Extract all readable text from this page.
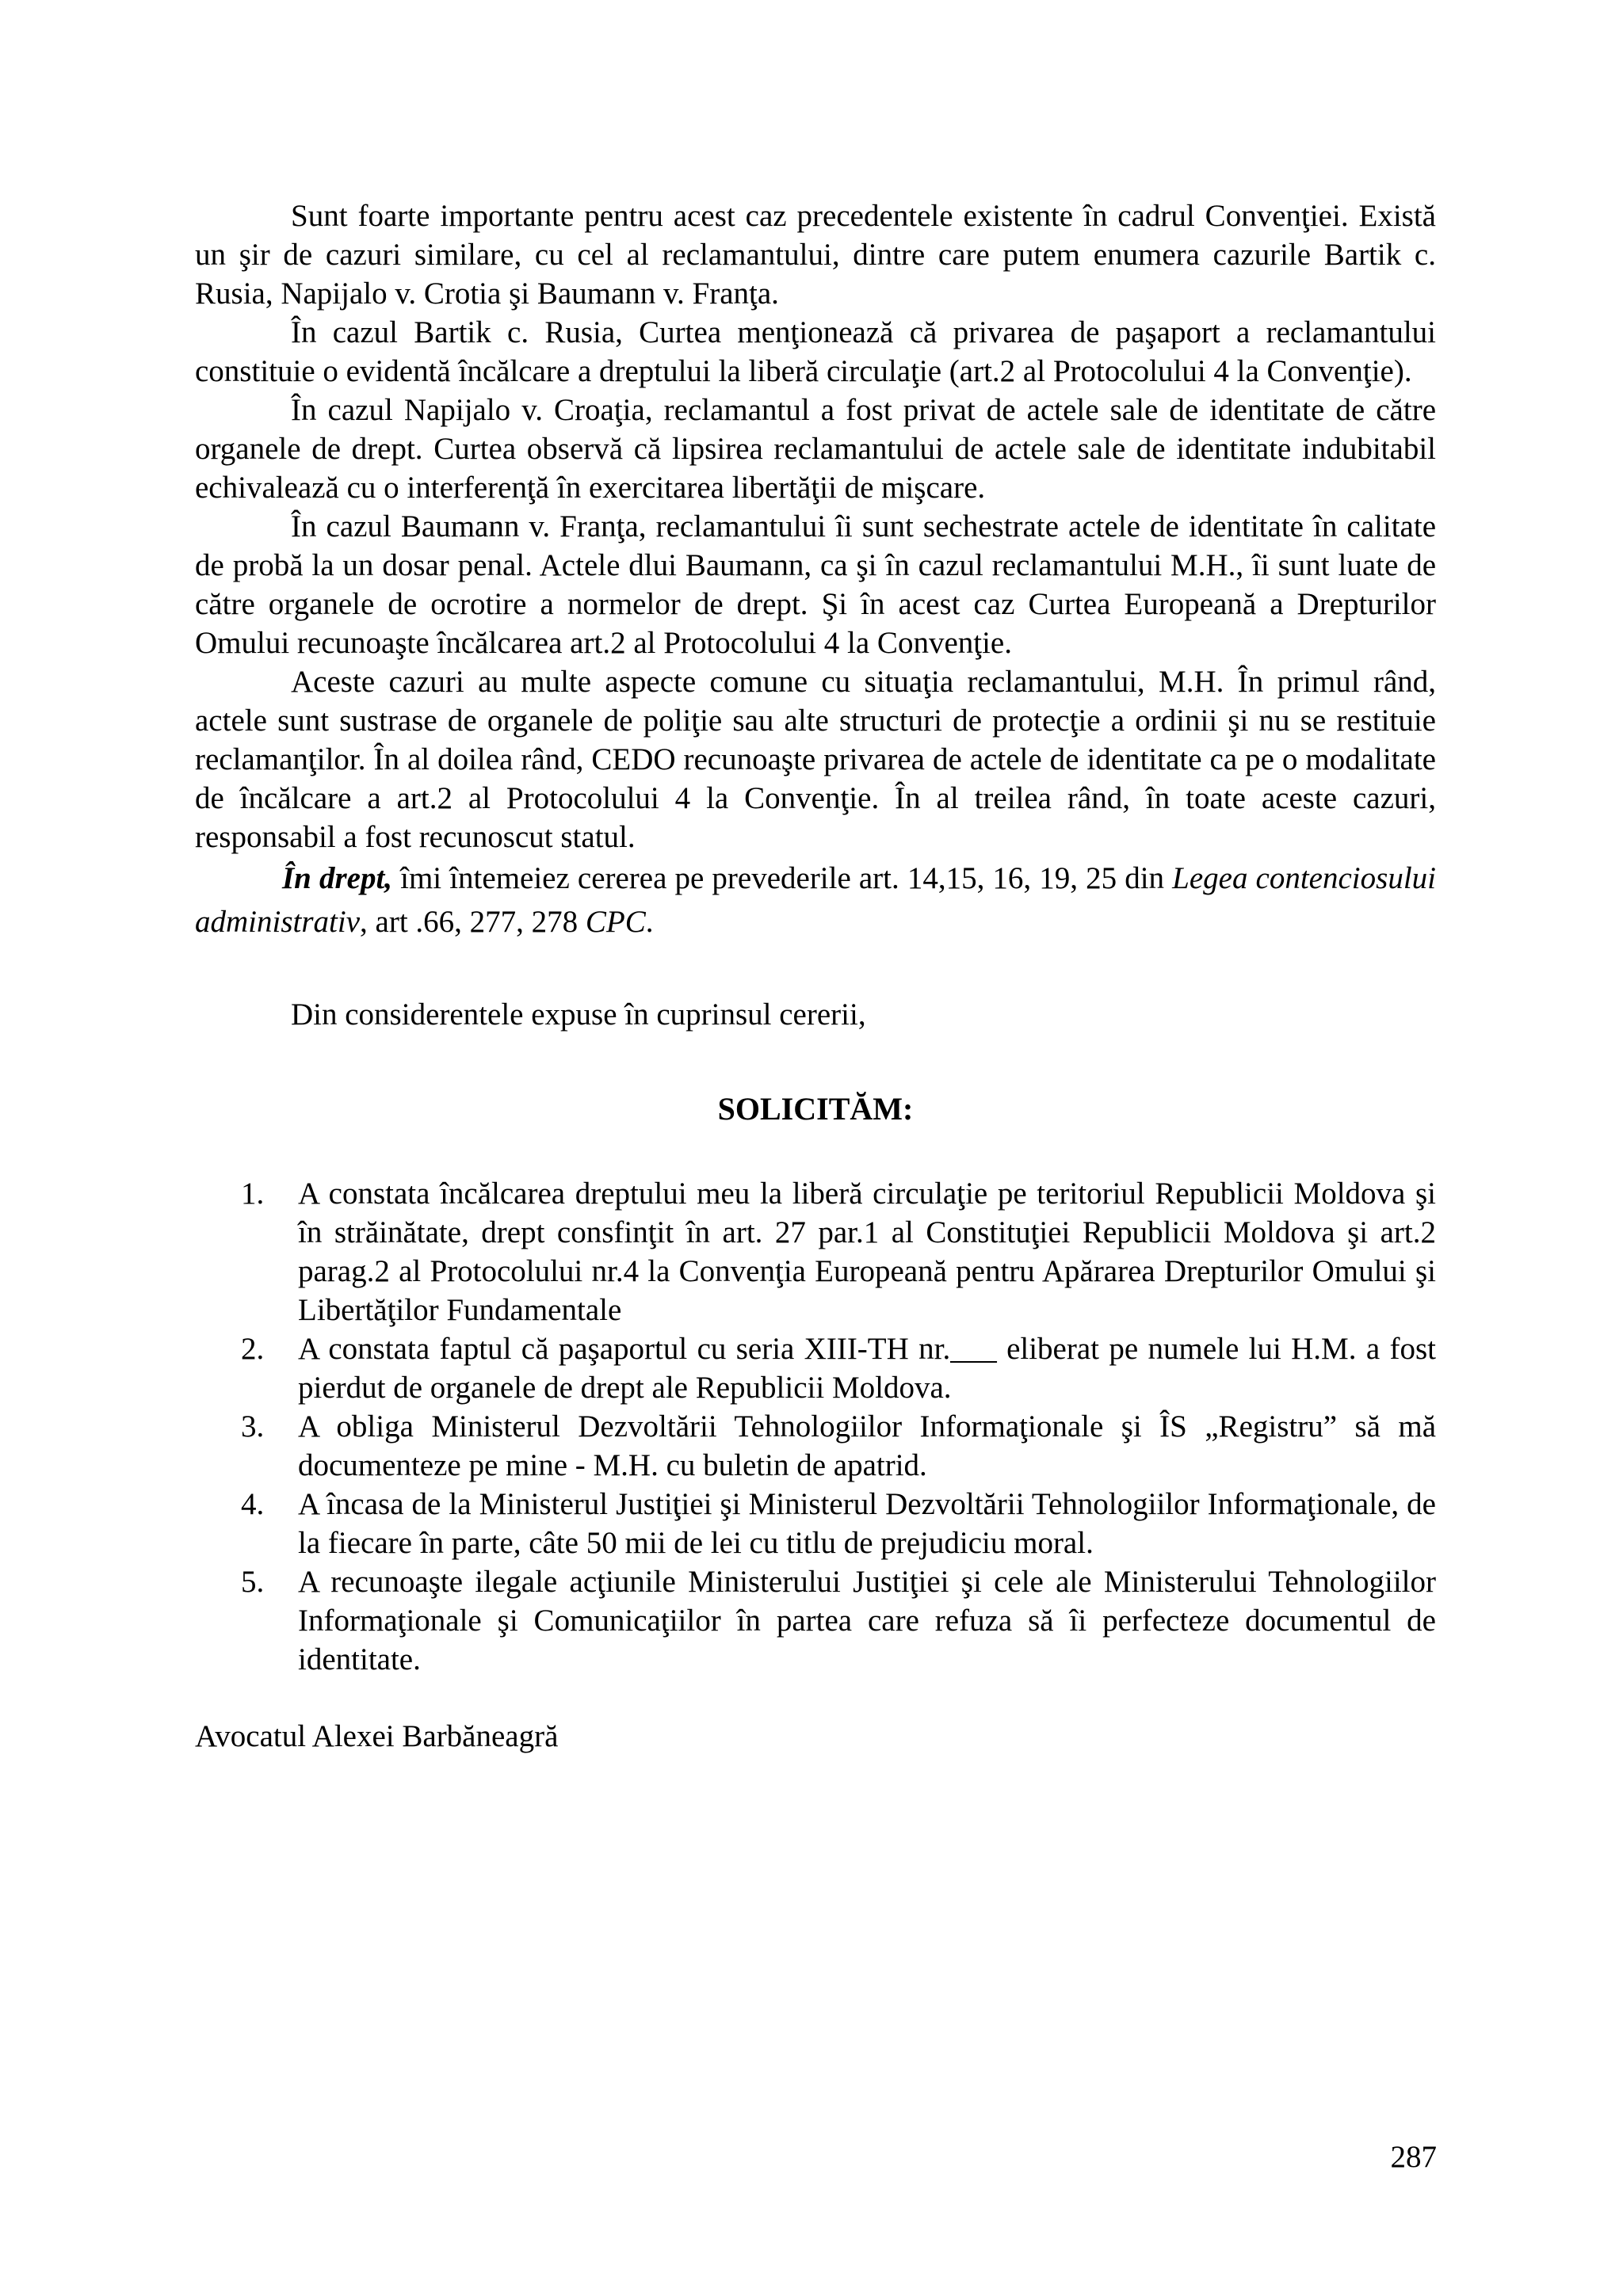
Sunt foarte importante pentru acest caz precedentele existente în cadrul Convenţiei. Există un şir de cazuri similare, cu cel al reclamantului, dintre care putem enumera cazurile Bartik c. Rusia, Napijalo v. Crotia şi Baumann v. Franţa.

În cazul Bartik c. Rusia, Curtea menţionează că privarea de paşaport a reclamantului constituie o evidentă încălcare a dreptului la liberă circulaţie (art.2 al Protocolului 4 la Convenţie).

În cazul Napijalo v. Croaţia, reclamantul a fost privat de actele sale de identitate de către organele de drept. Curtea observă că lipsirea reclamantului de actele sale de identitate indubitabil echivalează cu o interferenţă în exercitarea libertăţii de mişcare.

În cazul Baumann v. Franţa, reclamantului îi sunt sechestrate actele de identitate în calitate de probă la un dosar penal. Actele dlui Baumann, ca şi în cazul reclamantului M.H., îi sunt luate de către organele de ocrotire a normelor de drept. Şi în acest caz Curtea Europeană a Drepturilor Omului recunoaşte încălcarea art.2 al Protocolului 4 la Convenţie.

Aceste cazuri au multe aspecte comune cu situaţia reclamantului, M.H. În primul rând, actele sunt sustrase de organele de poliţie sau alte structuri de protecţie a ordinii şi nu se restituie reclamanţilor. În al doilea rând, CEDO recunoaşte privarea de actele de identitate ca pe o modalitate de încălcare a art.2 al Protocolului 4 la Convenţie. În al treilea rând, în toate aceste cazuri, responsabil a fost recunoscut statul.

În drept, îmi întemeiez cererea pe prevederile art. 14,15, 16, 19, 25 din Legea contenciosului administrativ, art .66, 277, 278 CPC.

Din considerentele expuse în cuprinsul cererii,

SOLICITĂM:

1. A constata încălcarea dreptului meu la liberă circulaţie pe teritoriul Republicii Moldova şi în străinătate, drept consfinţit în art. 27 par.1 al Constituţiei Republicii Moldova şi art.2 parag.2 al Protocolului nr.4 la Convenţia Europeană pentru Apărarea Drepturilor Omului şi Libertăţilor Fundamentale
2. A constata faptul că paşaportul cu seria XIII-TH nr.___ eliberat pe numele lui H.M. a fost pierdut de organele de drept ale Republicii Moldova.
3. A obliga Ministerul Dezvoltării Tehnologiilor Informaţionale şi ÎS „Registru” să mă documenteze pe mine - M.H. cu buletin de apatrid.
4. A încasa de la Ministerul Justiţiei şi Ministerul Dezvoltării Tehnologiilor Informaţionale, de la fiecare în parte, câte 50 mii de lei cu titlu de prejudiciu moral.
5. A recunoaşte ilegale acţiunile Ministerului Justiţiei şi cele ale Ministerului Tehnologiilor Informaţionale şi Comunicaţiilor în partea care refuza să îi perfecteze documentul de identitate.

Avocatul Alexei Barbăneagră

287
